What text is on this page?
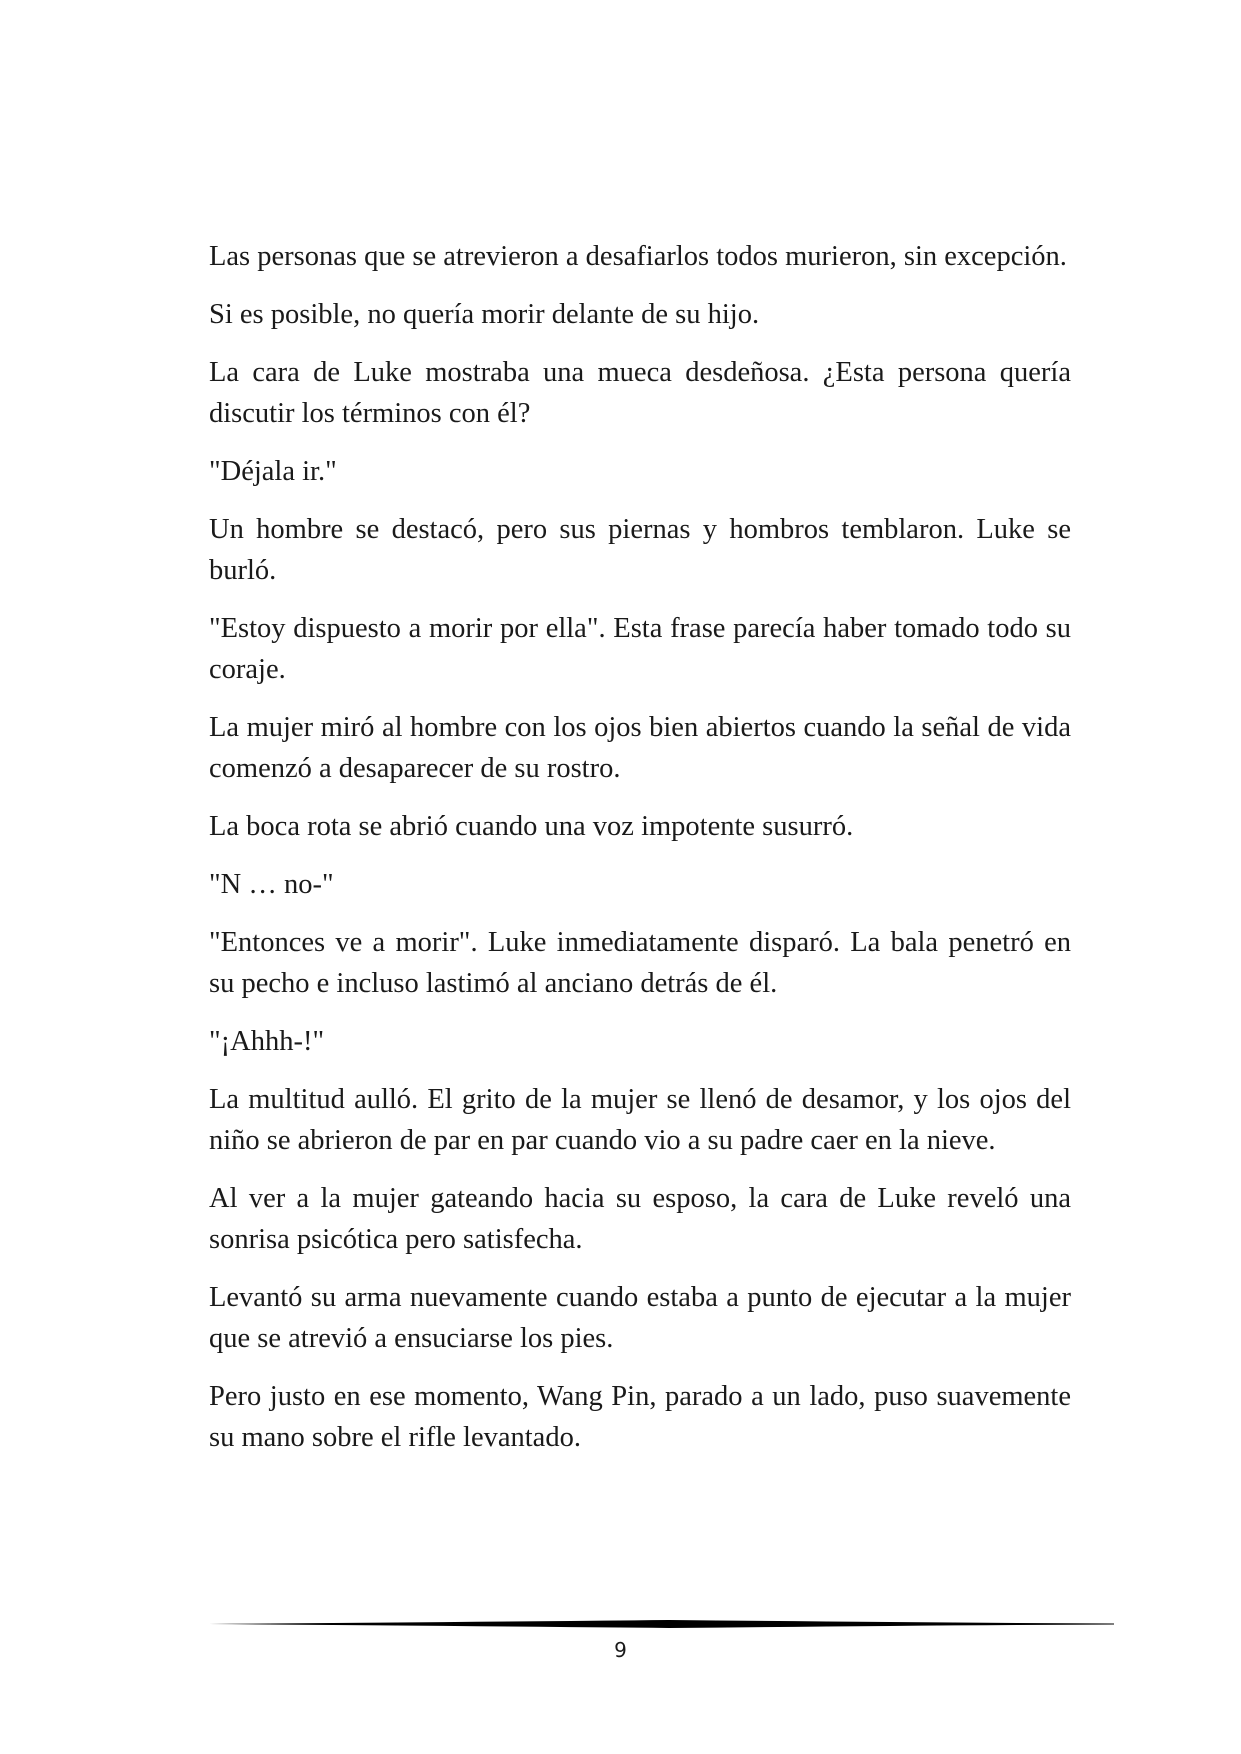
Las personas que se atrevieron a desafiarlos todos murieron, sin excepción.

Si es posible, no quería morir delante de su hijo.

La cara de Luke mostraba una mueca desdeñosa. ¿Esta persona quería discutir los términos con él?

"Déjala ir."

Un hombre se destacó, pero sus piernas y hombros temblaron. Luke se burló.

"Estoy dispuesto a morir por ella". Esta frase parecía haber tomado todo su coraje.

La mujer miró al hombre con los ojos bien abiertos cuando la señal de vida comenzó a desaparecer de su rostro.

La boca rota se abrió cuando una voz impotente susurró.

"N … no-"

"Entonces ve a morir". Luke inmediatamente disparó. La bala penetró en su pecho e incluso lastimó al anciano detrás de él.

"¡Ahhh-!"

La multitud aulló. El grito de la mujer se llenó de desamor, y los ojos del niño se abrieron de par en par cuando vio a su padre caer en la nieve.

Al ver a la mujer gateando hacia su esposo, la cara de Luke reveló una sonrisa psicótica pero satisfecha.

Levantó su arma nuevamente cuando estaba a punto de ejecutar a la mujer que se atrevió a ensuciarse los pies.

Pero justo en ese momento, Wang Pin, parado a un lado, puso suavemente su mano sobre el rifle levantado.

9
